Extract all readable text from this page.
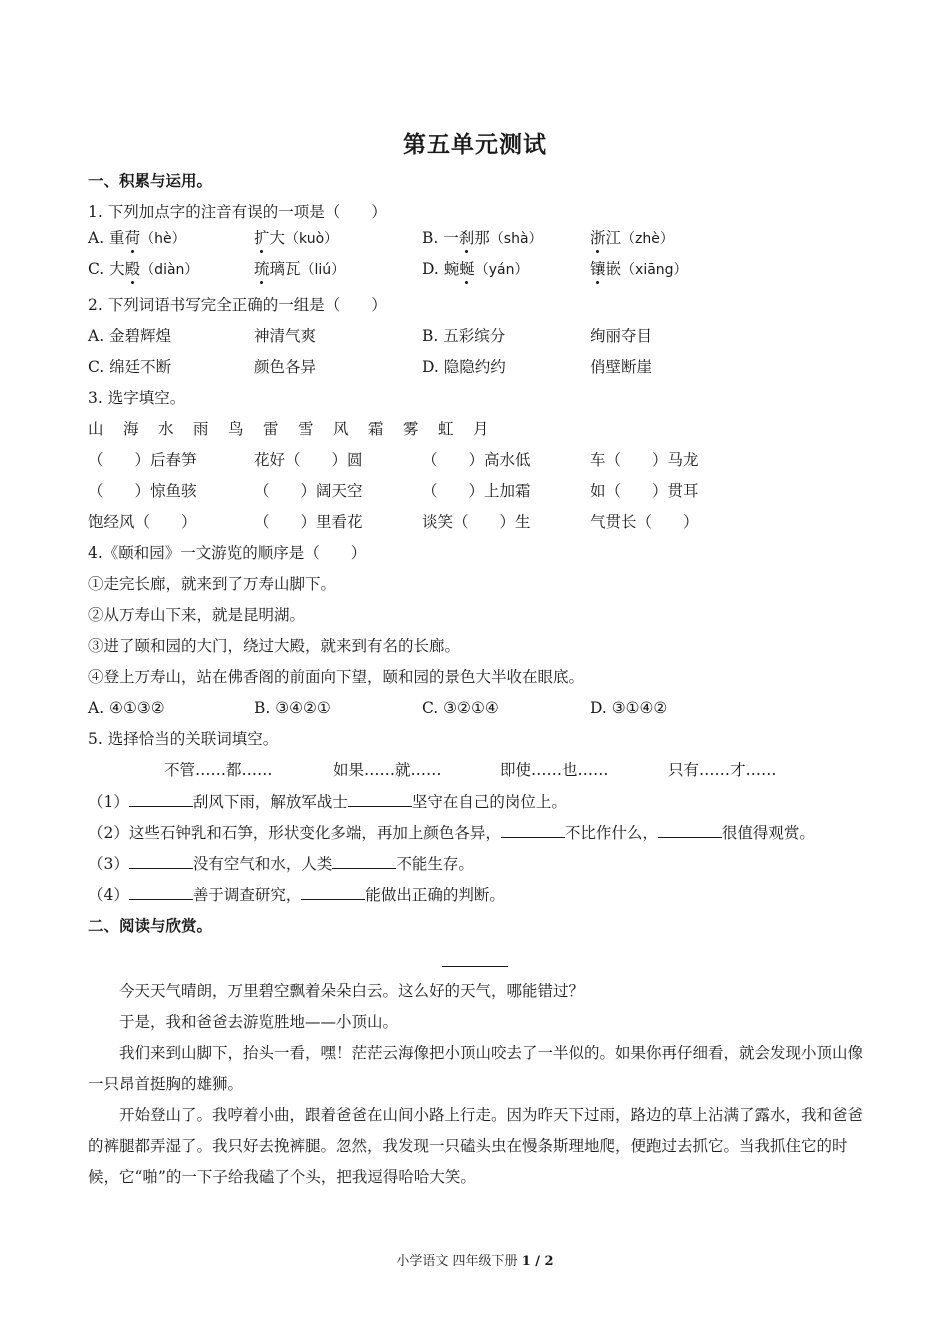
第五单元测试
一、积累与运用。
1. 下列加点字的注音有误的一项是（　　）
A. 重荷（hè）	扩大（kuò）	B. 一刹那（shà）	浙江（zhè）
C. 大殿（diàn）	琉璃瓦（liú）	D. 蜿蜒（yán）	镶嵌（xiāng）
2. 下列词语书写完全正确的一组是（　　）
A. 金碧辉煌	神清气爽	B. 五彩缤分	绚丽夺目
C. 绵廷不断	颜色各异	D. 隐隐约约	俏壁断崖
3. 选字填空。
山　海　水　雨　鸟　雷　雪　风　霜　雾　虹　月
（　　）后春笋	花好（　　）圆	（　　）高水低	车（　　）马龙
（　　）惊鱼骇	（　　）阔天空	（　　）上加霜	如（　　）贯耳
饱经风（　　）	（　　）里看花	谈笑（　　）生	气贯长（　　）
4.《颐和园》一文游览的顺序是（　　）
①走完长廊，就来到了万寿山脚下。
②从万寿山下来，就是昆明湖。
③进了颐和园的大门，绕过大殿，就来到有名的长廊。
④登上万寿山，站在佛香阁的前面向下望，颐和园的景色大半收在眼底。
A. ④①③②	B. ③④②①	C. ③②①④	D. ③①④②
5. 选择恰当的关联词填空。
不管……都……	如果……就……	即使……也……	只有……才……
（1）	刮风下雨，解放军战士	坚守在自己的岗位上。
（2）这些石钟乳和石笋，形状变化多端，再加上颜色各异，	不比作什么，	很值得观赏。
（3）	没有空气和水，人类	不能生存。
（4）	善于调查研究，	能做出正确的判断。
二、阅读与欣赏。
今天天气晴朗，万里碧空飘着朵朵白云。这么好的天气，哪能错过？
于是，我和爸爸去游览胜地——小顶山。
我们来到山脚下，抬头一看，嘿！茫茫云海像把小顶山咬去了一半似的。如果你再仔细看，就会发现小顶山像一只昂首挺胸的雄狮。
开始登山了。我哼着小曲，跟着爸爸在山间小路上行走。因为昨天下过雨，路边的草上沾满了露水，我和爸爸的裤腿都弄湿了。我只好去挽裤腿。忽然，我发现一只磕头虫在慢条斯理地爬，便跑过去抓它。当我抓住它的时候，它“啪”的一下子给我磕了个头，把我逗得哈哈大笑。
小学语文 四年级下册 1 / 2
